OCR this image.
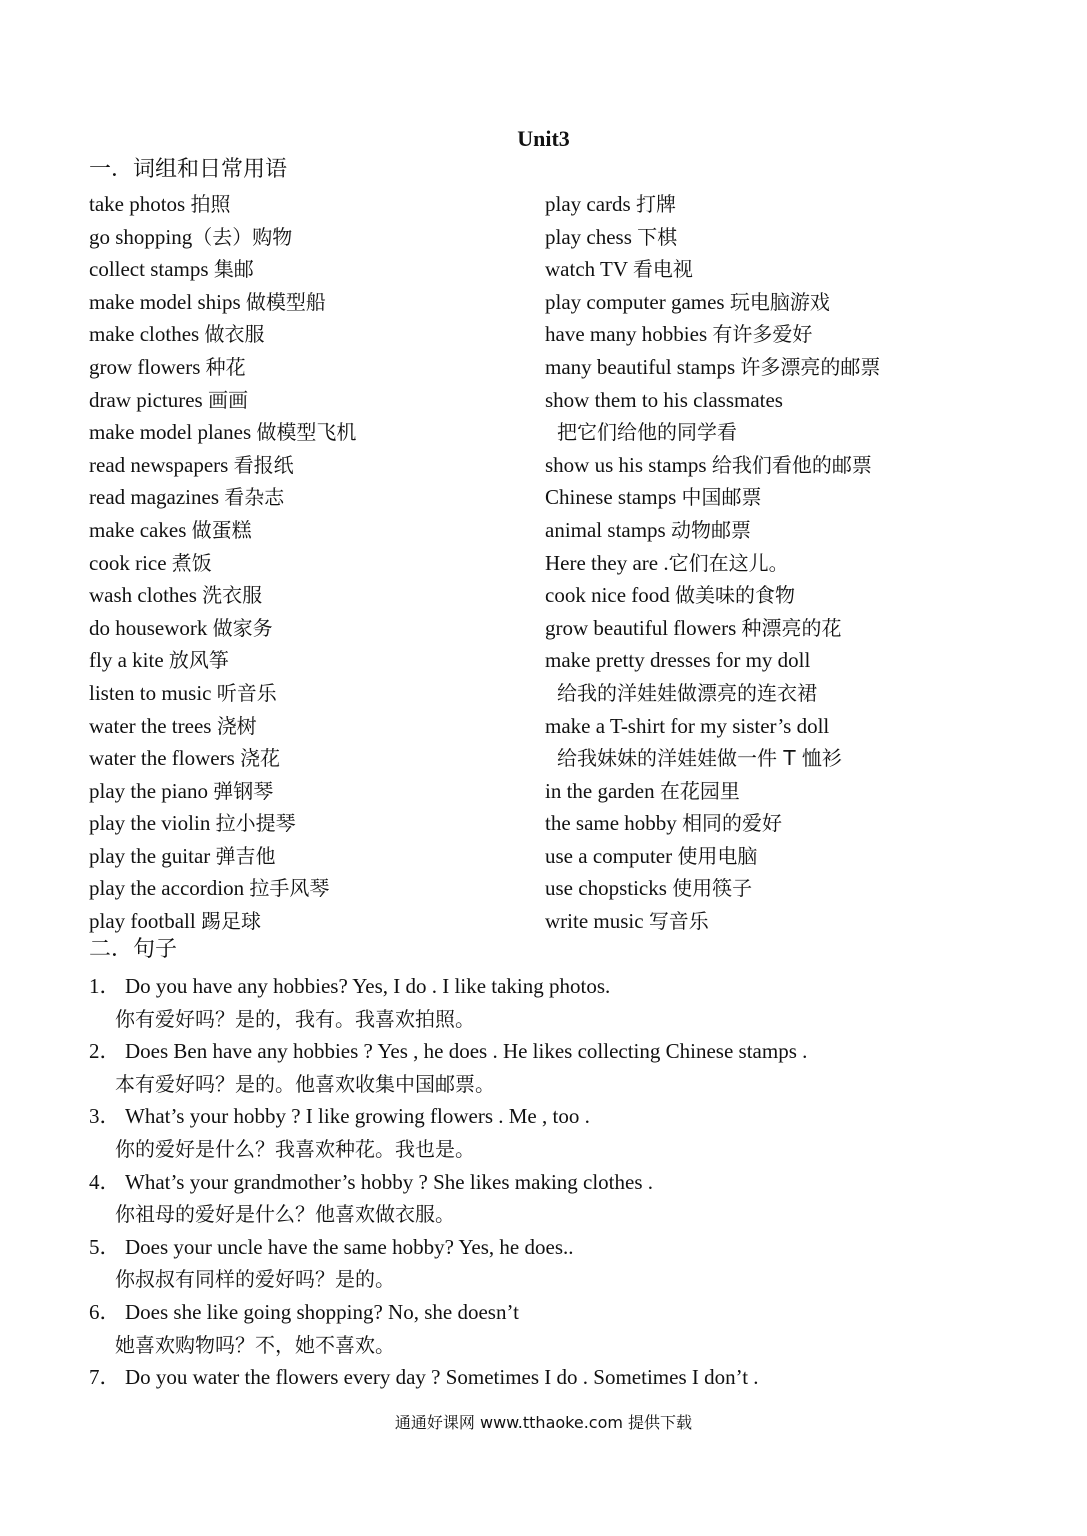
Unit3
一．词组和日常用语
take photos 拍照
go shopping（去）购物
collect stamps 集邮
make model ships 做模型船
make clothes 做衣服
grow flowers 种花
draw pictures 画画
make model planes 做模型飞机
read newspapers 看报纸
read magazines 看杂志
make cakes 做蛋糕
cook rice 煮饭
wash clothes 洗衣服
do housework 做家务
fly a kite 放风筝
listen to music 听音乐
water the trees 浇树
water the flowers 浇花
play the piano 弹钢琴
play the violin 拉小提琴
play the guitar 弹吉他
play the accordion 拉手风琴
play football 踢足球
play cards 打牌
play chess 下棋
watch TV 看电视
play computer games 玩电脑游戏
have many hobbies 有许多爱好
many beautiful stamps 许多漂亮的邮票
show them to his classmates
把它们给他的同学看
show us his stamps 给我们看他的邮票
Chinese stamps 中国邮票
animal stamps 动物邮票
Here they are .它们在这儿。
cook nice food 做美味的食物
grow beautiful flowers 种漂亮的花
make pretty dresses for my doll
给我的洋娃娃做漂亮的连衣裙
make a T-shirt for my sister’s doll
给我妹妹的洋娃娃做一件 T 恤衫
in the garden 在花园里
the same hobby 相同的爱好
use a computer 使用电脑
use chopsticks 使用筷子
write music 写音乐
二．句子
1． Do you have any hobbies? Yes, I do . I like taking photos.
你有爱好吗？是的，我有。我喜欢拍照。
2． Does Ben have any hobbies ? Yes , he does . He likes collecting Chinese stamps .
本有爱好吗？是的。他喜欢收集中国邮票。
3． What’s your hobby ? I like growing flowers . Me , too .
你的爱好是什么？我喜欢种花。我也是。
4． What’s your grandmother’s hobby ? She likes making clothes .
你祖母的爱好是什么？他喜欢做衣服。
5． Does your uncle have the same hobby? Yes, he does..
你叔叔有同样的爱好吗？是的。
6． Does she like going shopping? No, she doesn’t
她喜欢购物吗？不，她不喜欢。
7． Do you water the flowers every day ? Sometimes I do . Sometimes I don’t .
通通好课网 www.tthaoke.com 提供下载
